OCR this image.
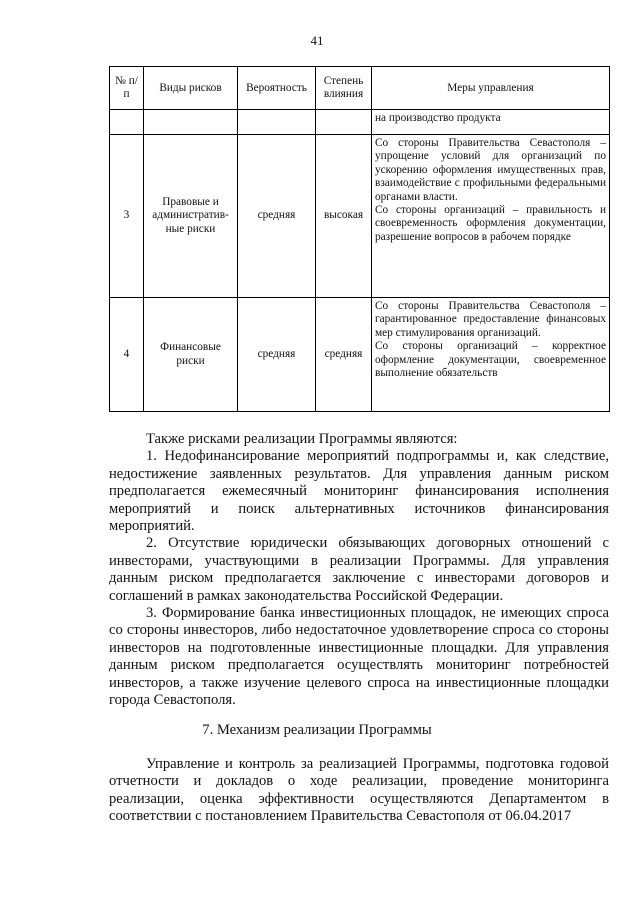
41
№ п/п	Виды рисков	Вероятность	Степень влияния	Меры управления
				на производство продукта
3	Правовые и административ-ные риски	средняя	высокая	Со стороны Правительства Севастополя – упрощение условий для организаций по ускорению оформления имущественных прав, взаимодействие с профильными федеральными органами власти.
Со стороны организаций – правильность и своевременность оформления документации, разрешение вопросов в рабочем порядке

4	Финансовые риски	средняя	средняя	Со стороны Правительства Севастополя – гарантированное предоставление финансовых мер стимулирования организаций.
Со стороны организаций – корректное оформление документации, своевременное выполнение обязательств

Также рисками реализации Программы являются:

1. Недофинансирование мероприятий подпрограммы и, как следствие, недостижение заявленных результатов. Для управления данным риском предполагается ежемесячный мониторинг финансирования исполнения мероприятий и поиск альтернативных источников финансирования мероприятий.

2. Отсутствие юридически обязывающих договорных отношений с инвесторами, участвующими в реализации Программы. Для управления данным риском предполагается заключение с инвесторами договоров и соглашений в рамках законодательства Российской Федерации.

3. Формирование банка инвестиционных площадок, не имеющих спроса со стороны инвесторов, либо недостаточное удовлетворение спроса со стороны инвесторов на подготовленные инвестиционные площадки. Для управления данным риском предполагается осуществлять мониторинг потребностей инвесторов, а также изучение целевого спроса на инвестиционные площадки города Севастополя.

7. Механизм реализации Программы

Управление и контроль за реализацией Программы, подготовка годовой отчетности и докладов о ходе реализации, проведение мониторинга реализации, оценка эффективности осуществляются Департаментом в соответствии с постановлением Правительства Севастополя от 06.04.2017
